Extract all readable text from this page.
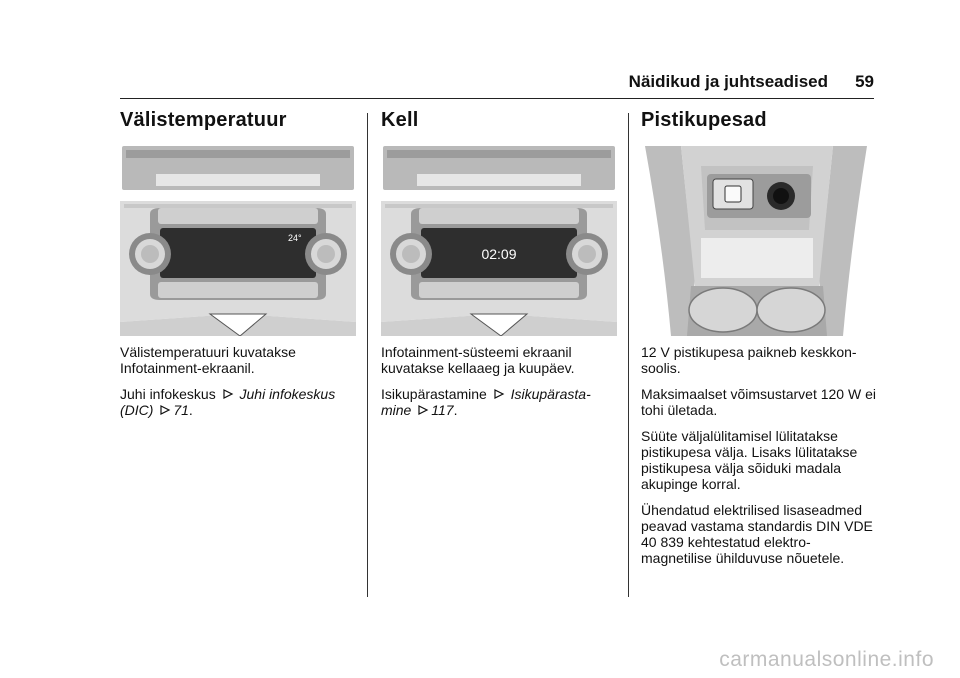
Näidikud ja juhtseadised 59
Välistemperatuur
24°

Välistemperatuuri kuvatakse Infotainment-ekraanil.

Juhi infokeskus Juhi infokeskus (DIC) 71.

Kell
02:09

Infotainment-süsteemi ekraanil kuvatakse kellaaeg ja kuupäev.

Isikupärastamine Isikupärasta- mine 117.

Pistikupesad

12 V pistikupesa paikneb keskkon-soolis.

Maksimaalset võimsustarvet 120 W ei tohi ületada.

Süüte väljalülitamisel lülitatakse pistikupesa välja. Lisaks lülitatakse pistikupesa välja sõiduki madala akupinge korral.

Ühendatud elektrilised lisaseadmed peavad vastama standardis DIN VDE 40 839 kehtestatud elektro-magnetilise ühilduvuse nõuetele.

carmanualsonline.info
